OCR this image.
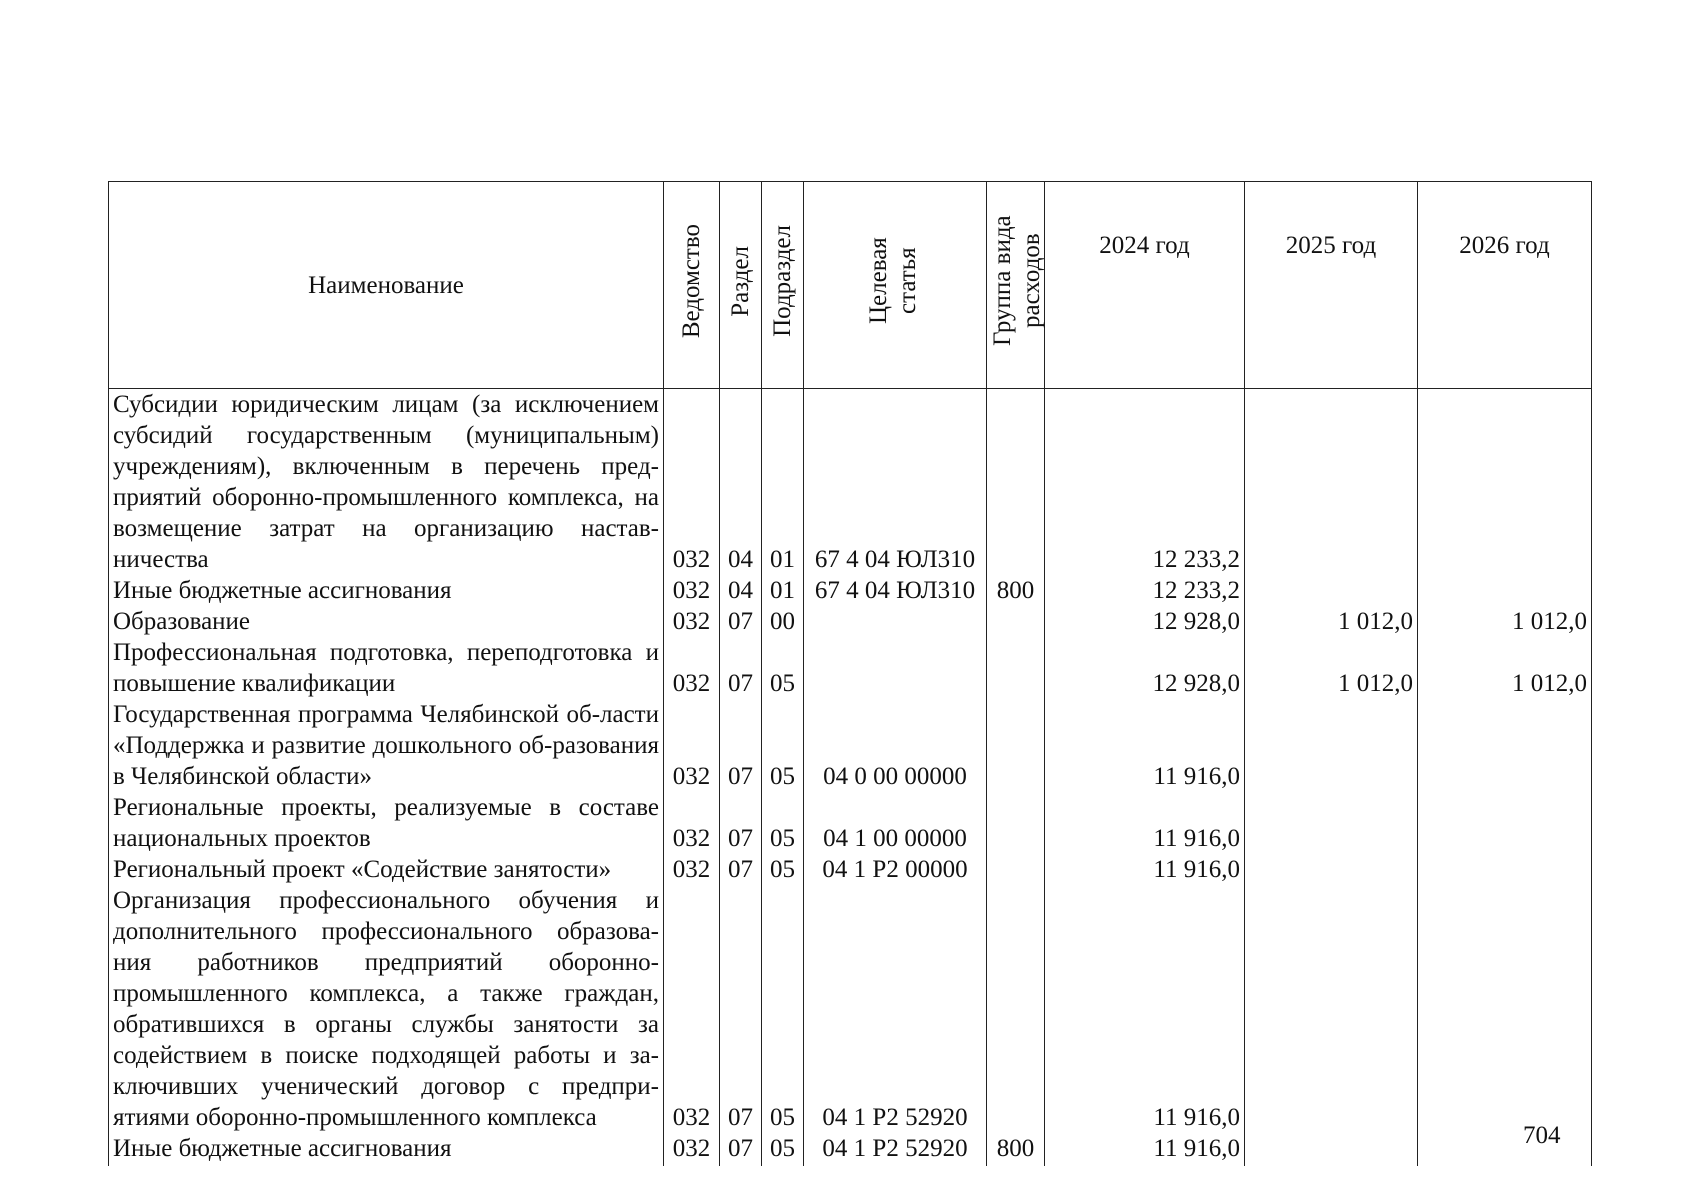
Наименование	Ведомство	Раздел	Подраздел	Целевая статья	Группа вида расходов	2024 год	2025 год	2026 год
Субсидии юридическим лицам (за исключением субсидий государственным (муниципальным) учреждениям), включенным в перечень пред-приятий оборонно-промышленного комплекса, на возмещение затрат на организацию настав-ничества	032	04	01	67 4 04 ЮЛ310		12 233,2		
Иные бюджетные ассигнования	032	04	01	67 4 04 ЮЛ310	800	12 233,2		
Образование	032	07	00			12 928,0	1 012,0	1 012,0
Профессиональная подготовка, переподготовка и повышение квалификации	032	07	05			12 928,0	1 012,0	1 012,0
Государственная программа Челябинской об-ласти «Поддержка и развитие дошкольного об-разования в Челябинской области»	032	07	05	04 0 00 00000		11 916,0		
Региональные проекты, реализуемые в составе национальных проектов	032	07	05	04 1 00 00000		11 916,0		
Региональный проект «Содействие занятости»	032	07	05	04 1 Р2 00000		11 916,0		
Организация профессионального обучения и дополнительного профессионального образова-ния работников предприятий оборонно-промышленного комплекса, а также граждан, обратившихся в органы службы занятости за содействием в поиске подходящей работы и за-ключивших ученический договор с предпри-ятиями оборонно-промышленного комплекса	032	07	05	04 1 Р2 52920		11 916,0		
Иные бюджетные ассигнования	032	07	05	04 1 Р2 52920	800	11 916,0			704
